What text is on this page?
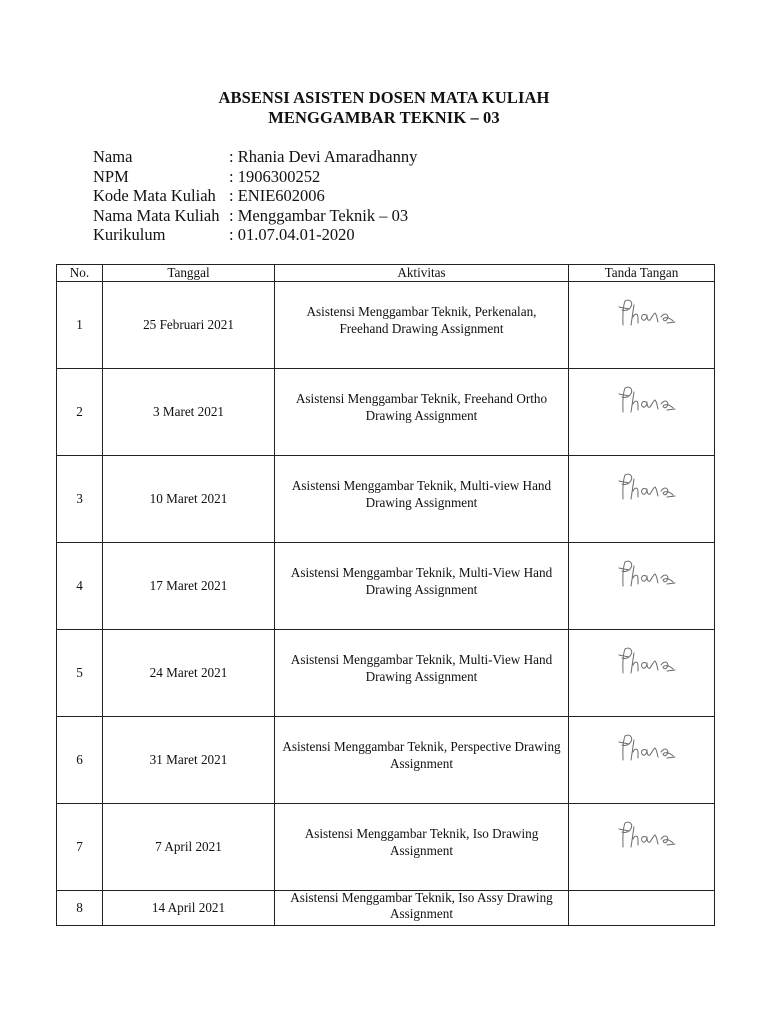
ABSENSI ASISTEN DOSEN MATA KULIAH
MENGGAMBAR TEKNIK – 03
Nama	: Rhania Devi Amaradhanny
NPM	: 1906300252
Kode Mata Kuliah : ENIE602006
Nama Mata Kuliah : Menggambar Teknik – 03
Kurikulum	: 01.07.04.01-2020
No.	Tanggal	Aktivitas	Tanda Tangan
1	25 Februari 2021	Asistensi Menggambar Teknik, Perkenalan, Freehand Drawing Assignment

2	3 Maret 2021	Asistensi Menggambar Teknik, Freehand Ortho Drawing Assignment

3	10 Maret 2021	Asistensi Menggambar Teknik, Multi-view Hand Drawing Assignment

4	17 Maret 2021	Asistensi Menggambar Teknik, Multi-View Hand Drawing Assignment

5	24 Maret 2021	Asistensi Menggambar Teknik, Multi-View Hand Drawing Assignment

6	31 Maret 2021	Asistensi Menggambar Teknik, Perspective Drawing Assignment

7	7 April 2021	Asistensi Menggambar Teknik, Iso Drawing Assignment

8	14 April 2021	Asistensi Menggambar Teknik, Iso Assy Drawing Assignment	
